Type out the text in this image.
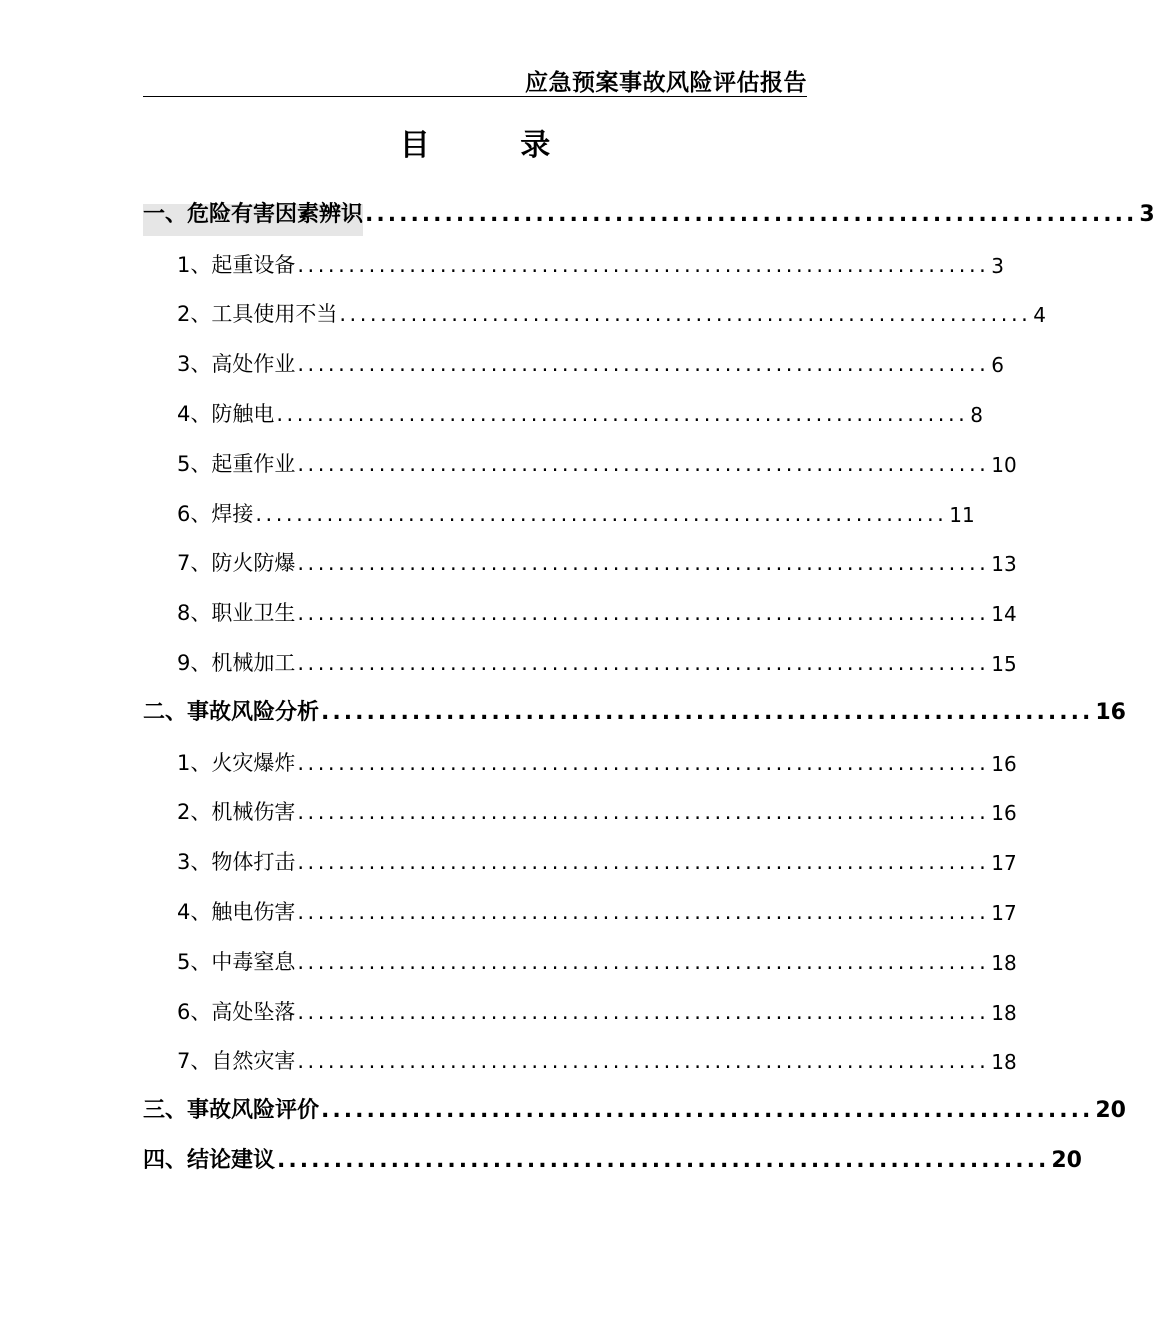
应急预案事故风险评估报告
目 录
一、危险有害因素辨识 .................................................................... 3
1、起重设备 .................................................................... 3
2、工具使用不当 .................................................................... 4
3、高处作业 .................................................................... 6
4、防触电 .................................................................... 8
5、起重作业 .................................................................... 10
6、焊接 .................................................................... 11
7、防火防爆 .................................................................... 13
8、职业卫生 .................................................................... 14
9、机械加工 .................................................................... 15
二、事故风险分析 .................................................................... 16
1、火灾爆炸 .................................................................... 16
2、机械伤害 .................................................................... 16
3、物体打击 .................................................................... 17
4、触电伤害 .................................................................... 17
5、中毒窒息 .................................................................... 18
6、高处坠落 .................................................................... 18
7、自然灾害 .................................................................... 18
三、事故风险评价 .................................................................... 20
四、结论建议 .................................................................... 20
